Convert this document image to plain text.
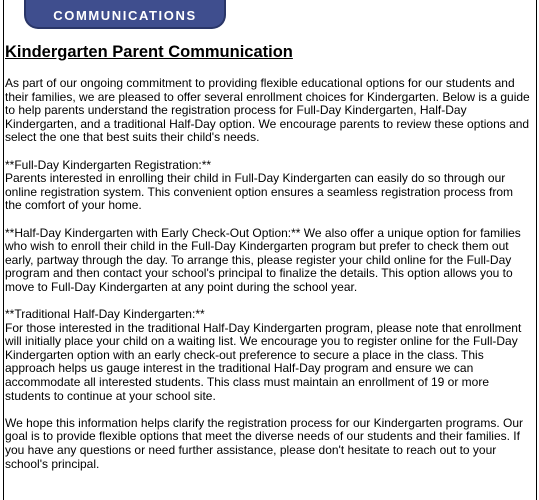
COMMUNICATIONS
Kindergarten Parent Communication

As part of our ongoing commitment to providing flexible educational options for our students and their families, we are pleased to offer several enrollment choices for Kindergarten. Below is a guide to help parents understand the registration process for Full-Day Kindergarten, Half-Day Kindergarten, and a traditional Half-Day option. We encourage parents to review these options and select the one that best suits their child's needs.

**Full-Day Kindergarten Registration:**
Parents interested in enrolling their child in Full-Day Kindergarten can easily do so through our online registration system. This convenient option ensures a seamless registration process from the comfort of your home.

**Half-Day Kindergarten with Early Check-Out Option:** We also offer a unique option for families who wish to enroll their child in the Full-Day Kindergarten program but prefer to check them out early, partway through the day. To arrange this, please register your child online for the Full-Day program and then contact your school's principal to finalize the details. This option allows you to move to Full-Day Kindergarten at any point during the school year.

**Traditional Half-Day Kindergarten:**
For those interested in the traditional Half-Day Kindergarten program, please note that enrollment will initially place your child on a waiting list. We encourage you to register online for the Full-Day Kindergarten option with an early check-out preference to secure a place in the class. This approach helps us gauge interest in the traditional Half-Day program and ensure we can accommodate all interested students. This class must maintain an enrollment of 19 or more students to continue at your school site.

We hope this information helps clarify the registration process for our Kindergarten programs. Our goal is to provide flexible options that meet the diverse needs of our students and their families. If you have any questions or need further assistance, please don't hesitate to reach out to your school's principal.
